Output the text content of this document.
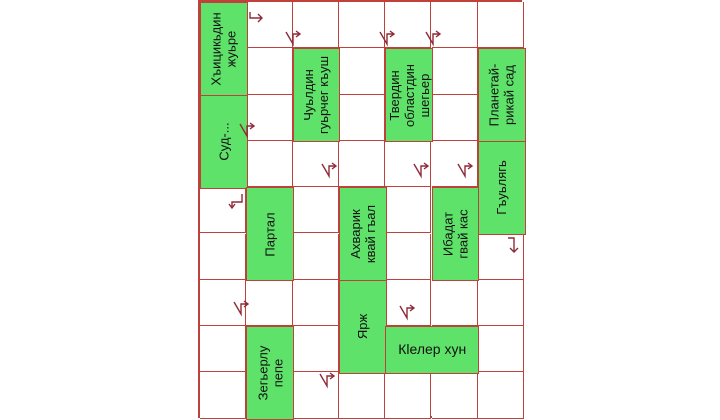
Хъицикьдин
жуьре
Суд-...
Чуьлдин
гуьрчег къуш	Твердин
областдин
шегьер	Планетай-
рикай сад
Гъуьлягь
Партал	Ахварик
квай гъал	Ибадат
гвай кас
Ярж
Зегьерлу
пепе
Кlелер хун
